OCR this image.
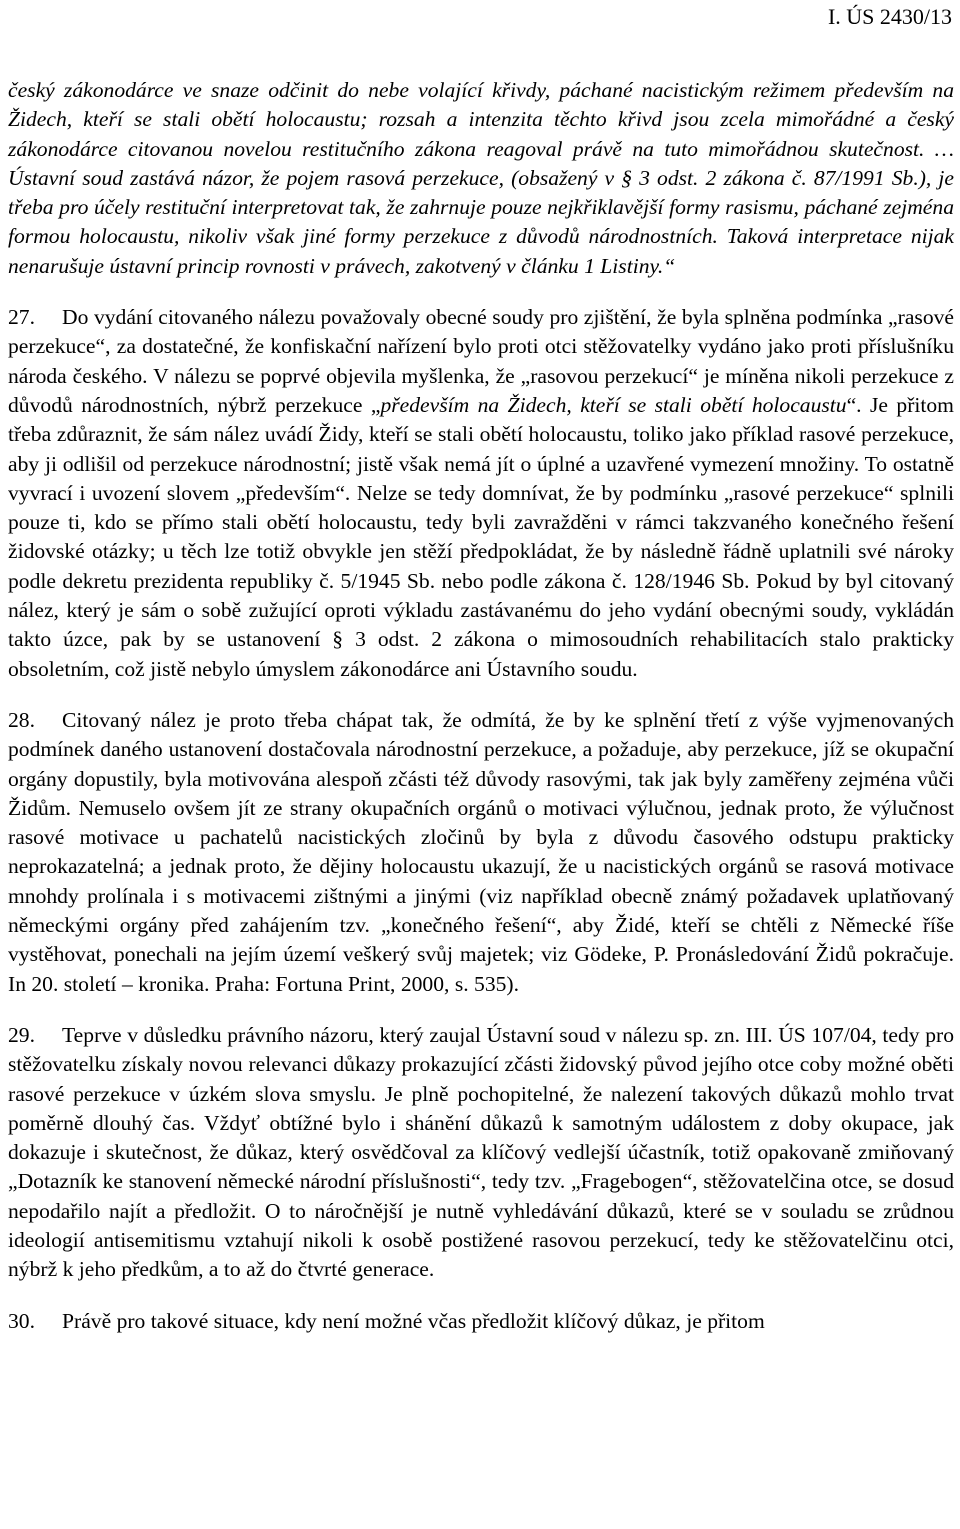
I. ÚS 2430/13

český zákonodárce ve snaze odčinit do nebe volající křivdy, páchané nacistickým režimem především na Židech, kteří se stali obětí holocaustu; rozsah a intenzita těchto křivd jsou zcela mimořádné a český zákonodárce citovanou novelou restitučního zákona reagoval právě na tuto mimořádnou skutečnost. … Ústavní soud zastává názor, že pojem rasová perzekuce, (obsažený v § 3 odst. 2 zákona č. 87/1991 Sb.), je třeba pro účely restituční interpretovat tak, že zahrnuje pouze nejkřiklavější formy rasismu, páchané zejména formou holocaustu, nikoliv však jiné formy perzekuce z důvodů národnostních. Taková interpretace nijak nenarušuje ústavní princip rovnosti v právech, zakotvený v článku 1 Listiny.“

27. Do vydání citovaného nálezu považovaly obecné soudy pro zjištění, že byla splněna podmínka „rasové perzekuce“, za dostatečné, že konfiskační nařízení bylo proti otci stěžovatelky vydáno jako proti příslušníku národa českého. V nálezu se poprvé objevila myšlenka, že „rasovou perzekucí“ je míněna nikoli perzekuce z důvodů národnostních, nýbrž perzekuce „především na Židech, kteří se stali obětí holocaustu“. Je přitom třeba zdůraznit, že sám nález uvádí Židy, kteří se stali obětí holocaustu, toliko jako příklad rasové perzekuce, aby ji odlišil od perzekuce národnostní; jistě však nemá jít o úplné a uzavřené vymezení množiny. To ostatně vyvrací i uvození slovem „především“. Nelze se tedy domnívat, že by podmínku „rasové perzekuce“ splnili pouze ti, kdo se přímo stali obětí holocaustu, tedy byli zavražděni v rámci takzvaného konečného řešení židovské otázky; u těch lze totiž obvykle jen stěží předpokládat, že by následně řádně uplatnili své nároky podle dekretu prezidenta republiky č. 5/1945 Sb. nebo podle zákona č. 128/1946 Sb. Pokud by byl citovaný nález, který je sám o sobě zužující oproti výkladu zastávanému do jeho vydání obecnými soudy, vykládán takto úzce, pak by se ustanovení § 3 odst. 2 zákona o mimosoudních rehabilitacích stalo prakticky obsoletním, což jistě nebylo úmyslem zákonodárce ani Ústavního soudu.

28. Citovaný nález je proto třeba chápat tak, že odmítá, že by ke splnění třetí z výše vyjmenovaných podmínek daného ustanovení dostačovala národnostní perzekuce, a požaduje, aby perzekuce, jíž se okupační orgány dopustily, byla motivována alespoň zčásti též důvody rasovými, tak jak byly zaměřeny zejména vůči Židům. Nemuselo ovšem jít ze strany okupačních orgánů o motivaci výlučnou, jednak proto, že výlučnost rasové motivace u pachatelů nacistických zločinů by byla z důvodu časového odstupu prakticky neprokazatelná; a jednak proto, že dějiny holocaustu ukazují, že u nacistických orgánů se rasová motivace mnohdy prolínala i s motivacemi zištnými a jinými (viz například obecně známý požadavek uplatňovaný německými orgány před zahájením tzv. „konečného řešení“, aby Židé, kteří se chtěli z Německé říše vystěhovat, ponechali na jejím území veškerý svůj majetek; viz Gödeke, P. Pronásledování Židů pokračuje. In 20. století – kronika. Praha: Fortuna Print, 2000, s. 535).

29. Teprve v důsledku právního názoru, který zaujal Ústavní soud v nálezu sp. zn. III. ÚS 107/04, tedy pro stěžovatelku získaly novou relevanci důkazy prokazující zčásti židovský původ jejího otce coby možné oběti rasové perzekuce v úzkém slova smyslu. Je plně pochopitelné, že nalezení takových důkazů mohlo trvat poměrně dlouhý čas. Vždyť obtížné bylo i shánění důkazů k samotným událostem z doby okupace, jak dokazuje i skutečnost, že důkaz, který osvědčoval za klíčový vedlejší účastník, totiž opakovaně zmiňovaný „Dotazník ke stanovení německé národní příslušnosti“, tedy tzv. „Fragebogen“, stěžovatelčina otce, se dosud nepodařilo najít a předložit. O to náročnější je nutně vyhledávání důkazů, které se v souladu se zrůdnou ideologií antisemitismu vztahují nikoli k osobě postižené rasovou perzekucí, tedy ke stěžovatelčinu otci, nýbrž k jeho předkům, a to až do čtvrté generace.

30. Právě pro takové situace, kdy není možné včas předložit klíčový důkaz, je přitom
